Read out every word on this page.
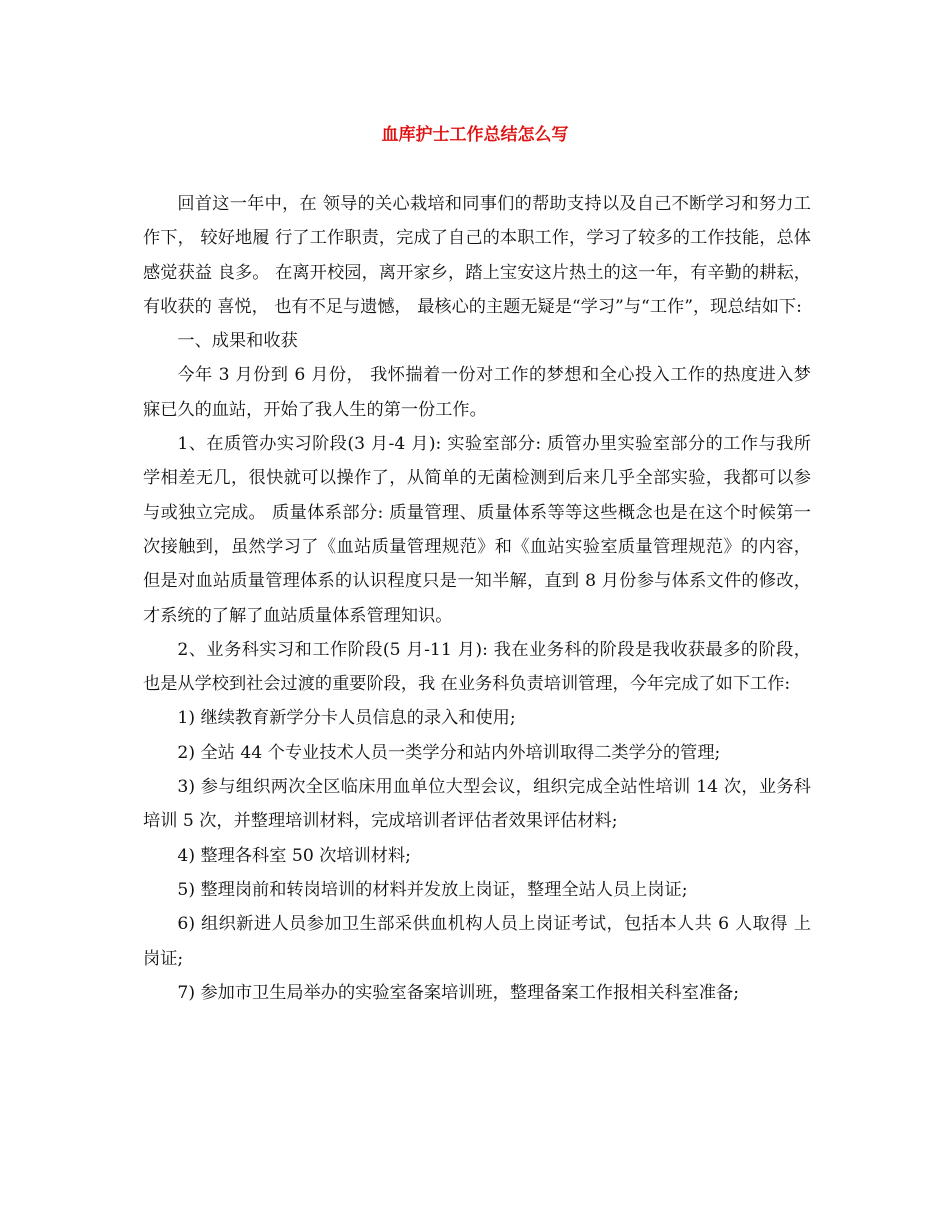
血库护士工作总结怎么写

回首这一年中，在 领导的关心栽培和同事们的帮助支持以及自己不断学习和努力工作下， 较好地履 行了工作职责，完成了自己的本职工作，学习了较多的工作技能，总体感觉获益 良多。 在离开校园，离开家乡，踏上宝安这片热土的这一年，有辛勤的耕耘，有收获的 喜悦， 也有不足与遗憾， 最核心的主题无疑是“学习”与“工作”，现总结如下:

一、成果和收获

今年 3 月份到 6 月份， 我怀揣着一份对工作的梦想和全心投入工作的热度进入梦 寐已久的血站，开始了我人生的第一份工作。

1、在质管办实习阶段(3 月-4 月): 实验室部分: 质管办里实验室部分的工作与我所学相差无几，很快就可以操作了，从简单的无菌检测到后来几乎全部实验，我都可以参与或独立完成。 质量体系部分: 质量管理、质量体系等等这些概念也是在这个时候第一次接触到，虽然学习了《血站质量管理规范》和《血站实验室质量管理规范》的内容，但是对血站质量管理体系的认识程度只是一知半解，直到 8 月份参与体系文件的修改，才系统的了解了血站质量体系管理知识。

2、业务科实习和工作阶段(5 月-11 月): 我在业务科的阶段是我收获最多的阶段，也是从学校到社会过渡的重要阶段，我 在业务科负责培训管理，今年完成了如下工作:

1) 继续教育新学分卡人员信息的录入和使用;

2) 全站 44 个专业技术人员一类学分和站内外培训取得二类学分的管理;

3) 参与组织两次全区临床用血单位大型会议，组织完成全站性培训 14 次，业务科培训 5 次，并整理培训材料，完成培训者评估者效果评估材料;

4) 整理各科室 50 次培训材料;

5) 整理岗前和转岗培训的材料并发放上岗证，整理全站人员上岗证;

6) 组织新进人员参加卫生部采供血机构人员上岗证考试，包括本人共 6 人取得 上岗证;

7) 参加市卫生局举办的实验室备案培训班，整理备案工作报相关科室准备;
